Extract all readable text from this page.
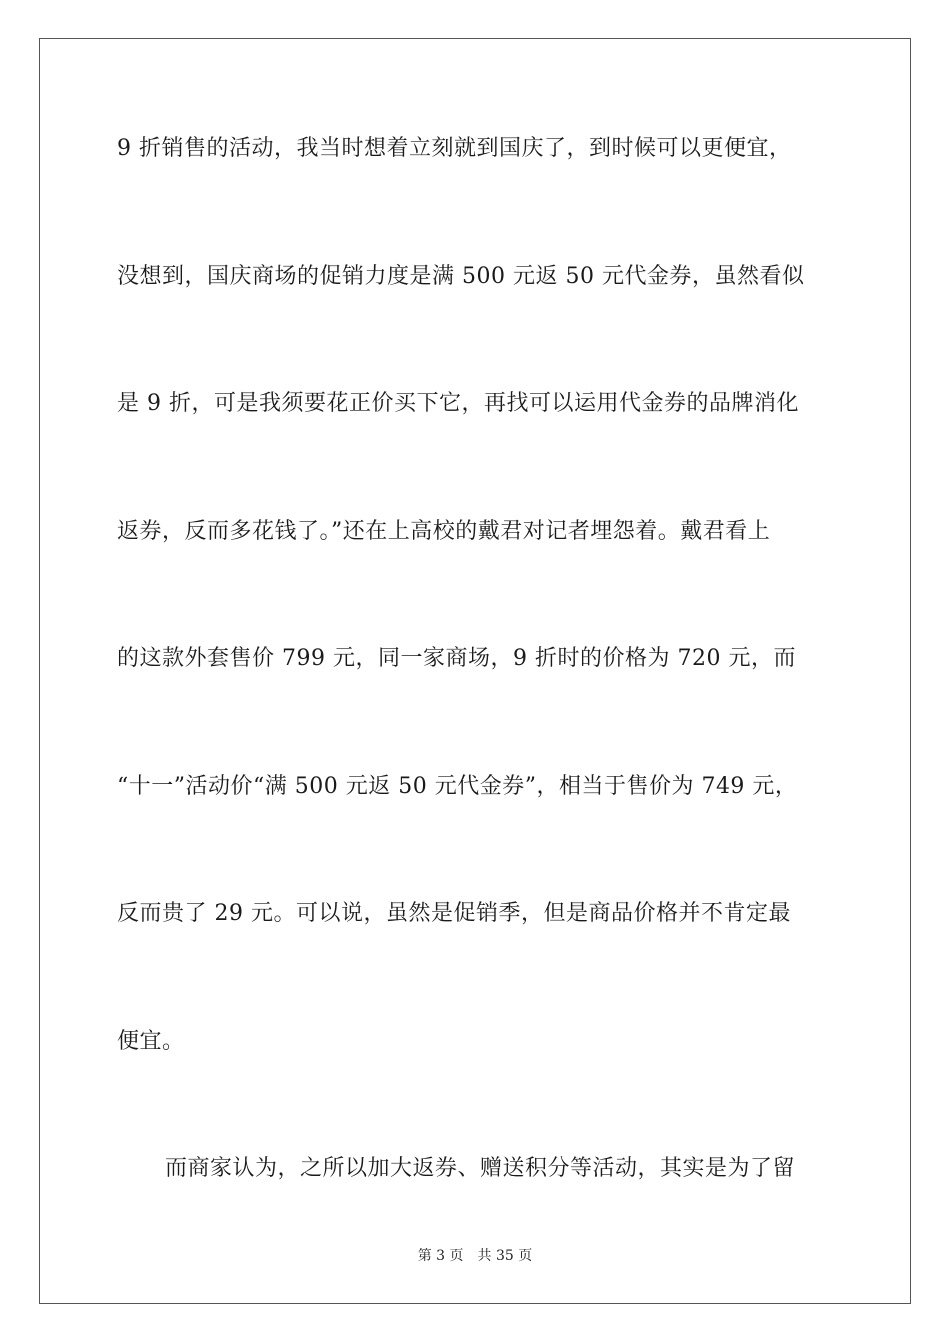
9 折销售的活动，我当时想着立刻就到国庆了，到时候可以更便宜，
没想到，国庆商场的促销力度是满 500 元返 50 元代金券，虽然看似
是 9 折，可是我须要花正价买下它，再找可以运用代金券的品牌消化
返券，反而多花钱了。”还在上高校的戴君对记者埋怨着。戴君看上
的这款外套售价 799 元，同一家商场，9 折时的价格为 720 元，而
“十一”活动价“满 500 元返 50 元代金券”，相当于售价为 749 元，
反而贵了 29 元。可以说，虽然是促销季，但是商品价格并不肯定最
便宜。
而商家认为，之所以加大返券、赠送积分等活动，其实是为了留
第 3 页 共 35 页
